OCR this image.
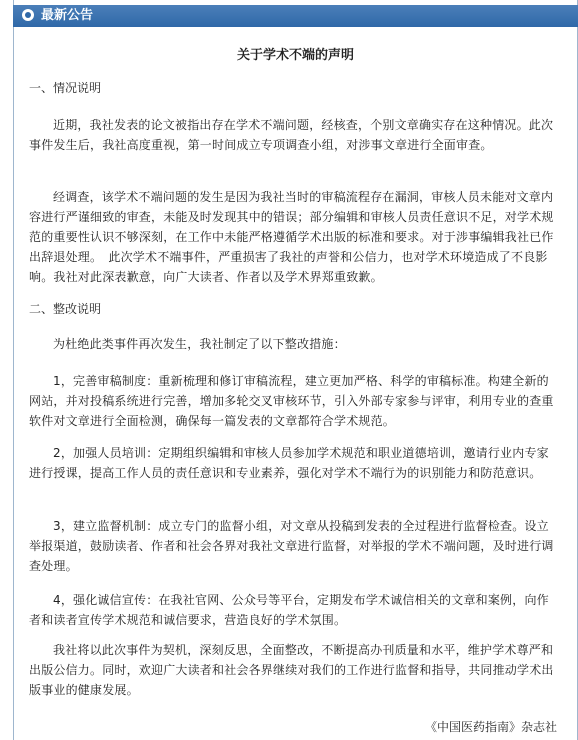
最新公告
关于学术不端的声明
一、情况说明
近期，我社发表的论文被指出存在学术不端问题，经核查，个别文章确实存在这种情况。此次事件发生后，我社高度重视，第一时间成立专项调查小组，对涉事文章进行全面审查。
经调查，该学术不端问题的发生是因为我社当时的审稿流程存在漏洞，审核人员未能对文章内容进行严谨细致的审查，未能及时发现其中的错误；部分编辑和审核人员责任意识不足，对学术规范的重要性认识不够深刻，在工作中未能严格遵循学术出版的标准和要求。对于涉事编辑我社已作出辞退处理。　此次学术不端事件，严重损害了我社的声誉和公信力，也对学术环境造成了不良影响。我社对此深表歉意，向广大读者、作者以及学术界郑重致歉。
二、整改说明
为杜绝此类事件再次发生，我社制定了以下整改措施：
1，完善审稿制度：重新梳理和修订审稿流程，建立更加严格、科学的审稿标准。构建全新的网站，并对投稿系统进行完善，增加多轮交叉审核环节，引入外部专家参与评审，利用专业的查重软件对文章进行全面检测，确保每一篇发表的文章都符合学术规范。
2，加强人员培训：定期组织编辑和审核人员参加学术规范和职业道德培训，邀请行业内专家进行授课，提高工作人员的责任意识和专业素养，强化对学术不端行为的识别能力和防范意识。
3，建立监督机制：成立专门的监督小组，对文章从投稿到发表的全过程进行监督检查。设立举报渠道，鼓励读者、作者和社会各界对我社文章进行监督，对举报的学术不端问题，及时进行调查处理。
4，强化诚信宣传：在我社官网、公众号等平台，定期发布学术诚信相关的文章和案例，向作者和读者宣传学术规范和诚信要求，营造良好的学术氛围。
我社将以此次事件为契机，深刻反思，全面整改，不断提高办刊质量和水平，维护学术尊严和出版公信力。同时，欢迎广大读者和社会各界继续对我们的工作进行监督和指导，共同推动学术出版事业的健康发展。
《中国医药指南》杂志社
